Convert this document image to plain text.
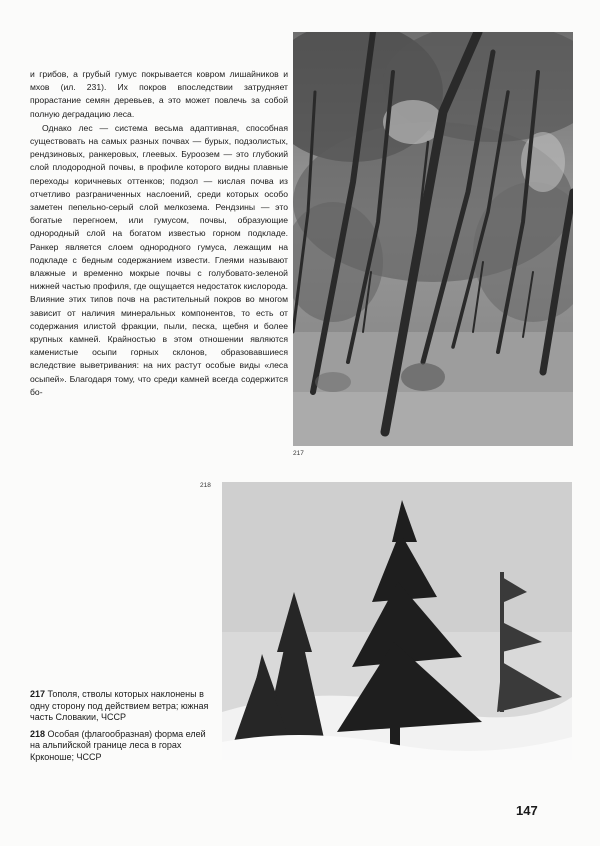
и грибов, а грубый гумус покрывается ковром лишайников и мхов (ил. 231). Их покров впоследствии затрудняет прорастание семян деревьев, а это может повлечь за собой полную деградацию леса.

Однако лес — система весьма адаптивная, способная существовать на самых разных почвах — бурых, подзолистых, рендзиновых, ранкеровых, глеевых. Буроозем — это глубокий слой плодородной почвы, в профиле которого видны плавные переходы коричневых оттенков; подзол — кислая почва из отчетливо разграниченных наслоений, среди которых особо заметен пепельно-серый слой мелкозема. Рендзины — это богатые перегноем, или гумусом, почвы, образующие однородный слой на богатом известью горном подкладе. Ранкер является слоем однородного гумуса, лежащим на подкладе с бедным содержанием извести. Глеями называют влажные и временно мокрые почвы с голубовато-зеленой нижней частью профиля, где ощущается недостаток кислорода. Влияние этих типов почв на растительный покров во многом зависит от наличия минеральных компонентов, то есть от содержания илистой фракции, пыли, песка, щебня и более крупных камней. Крайностью в этом отношении являются каменистые осыпи горных склонов, образовавшиеся вследствие выветривания: на них растут особые виды «леса осыпей». Благодаря тому, что среди камней всегда содержится бо-

217
218
217 Тополя, стволы которых наклонены в одну сторону под действием ветра; южная часть Словакии, ЧССР
218 Особая (флагообразная) форма елей на альпийской границе леса в горах Крконоше; ЧССР
147
